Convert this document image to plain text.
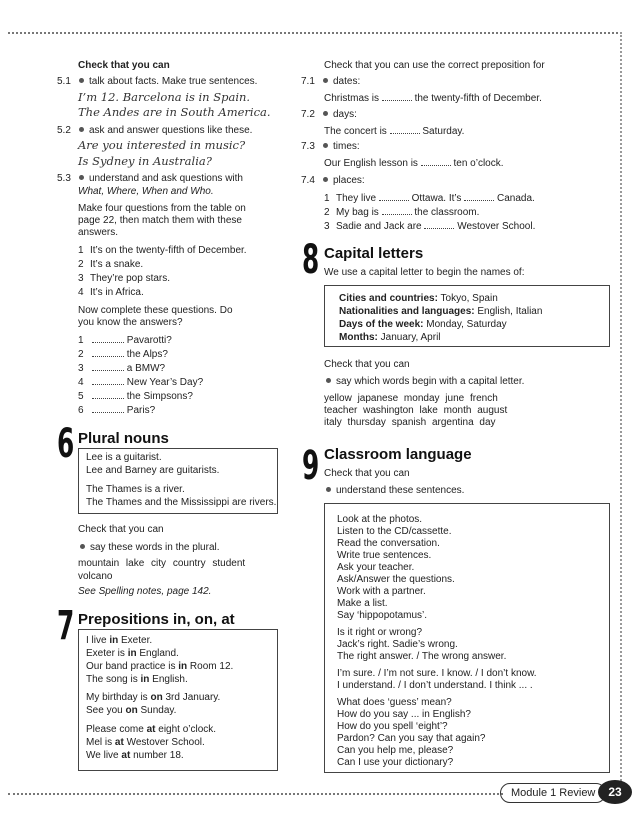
Check that you can
5.1	talk about facts. Make true sentences.
I’m 12. Barcelona is in Spain.
The Andes are in South America.
5.2	ask and answer questions like these.
Are you interested in music?
Is Sydney in Australia?
5.3	understand and ask questions with
What, Where, When and Who.
Make four questions from the table on
page 22, then match them with these
answers.
1 It’s on the twenty-fifth of December.
2 It’s a snake.
3 They’re pop stars.
4 It’s in Africa.
Now complete these questions. Do
you know the answers?
1	Pavarotti?
2	the Alps?
3	a BMW?
4	New Year’s Day?
5	the Simpsons?
6	Paris?
6 Plural nouns
Lee is a guitarist.
Lee and Barney are guitarists.
The Thames is a river.
The Thames and the Mississippi are rivers.
Check that you can
say these words in the plural.
mountain lake city country student
volcano
See Spelling notes, page 142.
7 Prepositions in, on, at
I live in Exeter.
Exeter is in England.
Our band practice is in Room 12.
The song is in English.
My birthday is on 3rd January.
See you on Sunday.
Please come at eight o’clock.
Mel is at Westover School.
We live at number 18.
Check that you can use the correct preposition for
7.1	dates:
Christmas is	the twenty-fifth of December.
7.2	days:
The concert is	Saturday.
7.3	times:
Our English lesson is	ten o’clock.
7.4	places:
1 They live	Ottawa. It’s	Canada.
2 My bag is	the classroom.
3 Sadie and Jack are	Westover School.
8 Capital letters
We use a capital letter to begin the names of:
Cities and countries: Tokyo, Spain
Nationalities and languages: English, Italian
Days of the week: Monday, Saturday
Months: January, April
Check that you can
say which words begin with a capital letter.
yellow japanese monday june french
teacher washington lake month august
italy thursday spanish argentina day
9 Classroom language
Check that you can
understand these sentences.
Look at the photos.
Listen to the CD/cassette.
Read the conversation.
Write true sentences.
Ask your teacher.
Ask/Answer the questions.
Work with a partner.
Make a list.
Say ‘hippopotamus’.
Is it right or wrong?
Jack’s right. Sadie’s wrong.
The right answer. / The wrong answer.
I’m sure. / I’m not sure. I know. / I don’t know.
I understand. / I don’t understand. I think ... .
What does ‘guess’ mean?
How do you say ... in English?
How do you spell ‘eight’?
Pardon? Can you say that again?
Can you help me, please?
Can I use your dictionary?
Module 1 Review	23
